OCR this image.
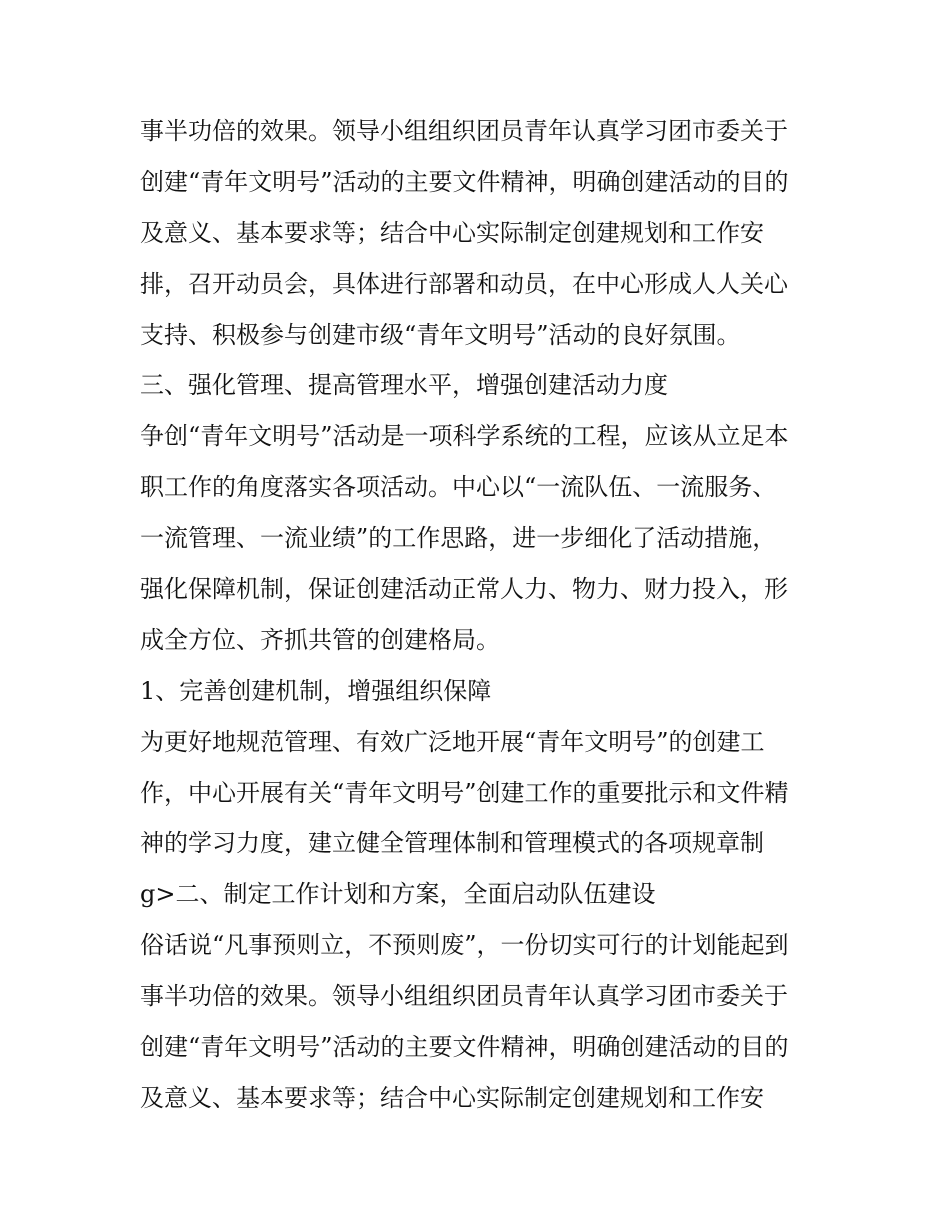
事半功倍的效果。领导小组组织团员青年认真学习团市委关于
创建“青年文明号”活动的主要文件精神，明确创建活动的目的
及意义、基本要求等；结合中心实际制定创建规划和工作安
排，召开动员会，具体进行部署和动员，在中心形成人人关心
支持、积极参与创建市级“青年文明号”活动的良好氛围。
三、强化管理、提高管理水平，增强创建活动力度
争创“青年文明号”活动是一项科学系统的工程，应该从立足本
职工作的角度落实各项活动。中心以“一流队伍、一流服务、
一流管理、一流业绩”的工作思路，进一步细化了活动措施，
强化保障机制，保证创建活动正常人力、物力、财力投入，形
成全方位、齐抓共管的创建格局。
1、完善创建机制，增强组织保障
为更好地规范管理、有效广泛地开展“青年文明号”的创建工
作，中心开展有关“青年文明号”创建工作的重要批示和文件精
神的学习力度，建立健全管理体制和管理模式的各项规章制
g>二、制定工作计划和方案，全面启动队伍建设
俗话说“凡事预则立，不预则废”，一份切实可行的计划能起到
事半功倍的效果。领导小组组织团员青年认真学习团市委关于
创建“青年文明号”活动的主要文件精神，明确创建活动的目的
及意义、基本要求等；结合中心实际制定创建规划和工作安
